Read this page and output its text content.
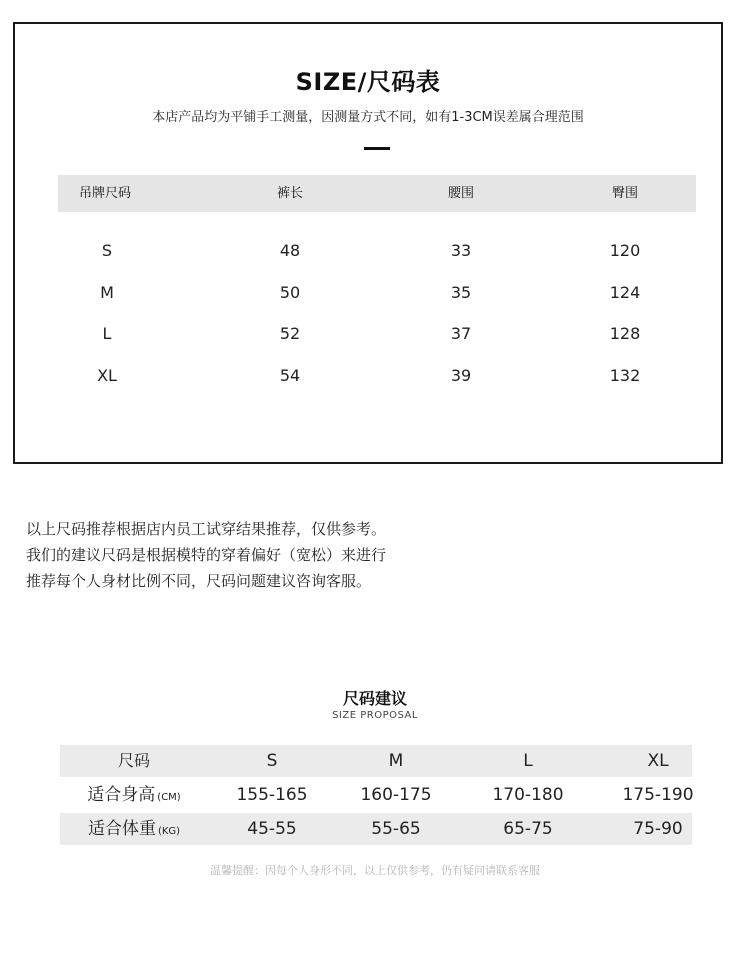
SIZE/尺码表
本店产品均为平铺手工测量，因测量方式不同，如有1-3CM误差属合理范围
吊牌尺码	裤长	腰围	臀围
S	48	33	120
M	50	35	124
L	52	37	128
XL	54	39	132
以上尺码推荐根据店内员工试穿结果推荐，仅供参考。
我们的建议尺码是根据模特的穿着偏好（宽松）来进行
推荐每个人身材比例不同，尺码问题建议咨询客服。
尺码建议
SIZE PROPOSAL
尺码	S	M	L	XL
适合身高 (CM)	155-165	160-175	170-180	175-190
适合体重 (KG)	45-55	55-65	65-75	75-90
温馨提醒：因每个人身形不同，以上仅供参考，仍有疑问请联系客服
